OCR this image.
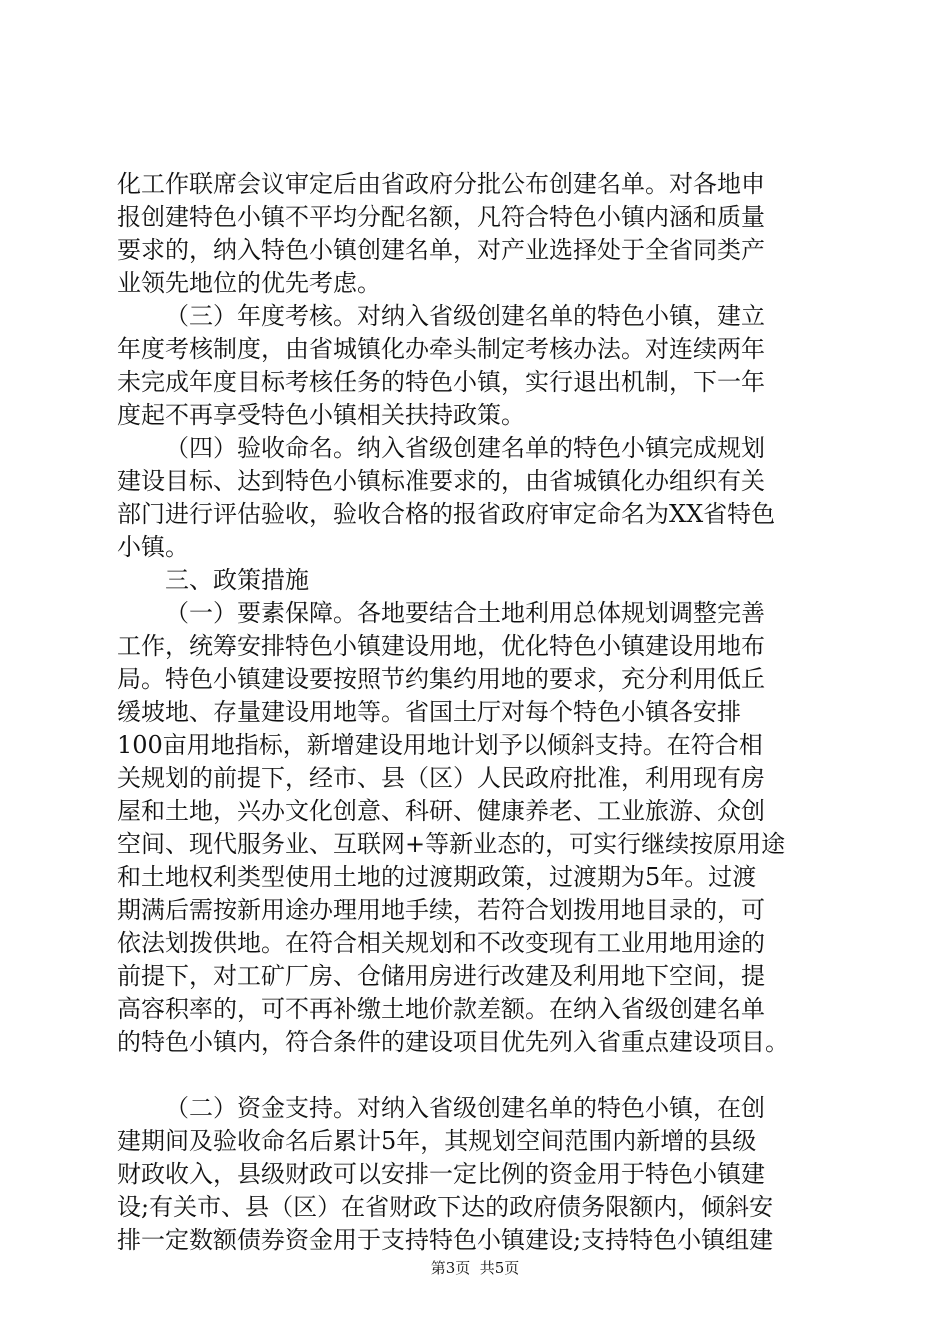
化工作联席会议审定后由省政府分批公布创建名单。对各地申
报创建特色小镇不平均分配名额，凡符合特色小镇内涵和质量
要求的，纳入特色小镇创建名单，对产业选择处于全省同类产
业领先地位的优先考虑。
（三）年度考核。对纳入省级创建名单的特色小镇，建立
年度考核制度，由省城镇化办牵头制定考核办法。对连续两年
未完成年度目标考核任务的特色小镇，实行退出机制，下一年
度起不再享受特色小镇相关扶持政策。
（四）验收命名。纳入省级创建名单的特色小镇完成规划
建设目标、达到特色小镇标准要求的，由省城镇化办组织有关
部门进行评估验收，验收合格的报省政府审定命名为XX省特色
小镇。
三、政策措施
（一）要素保障。各地要结合土地利用总体规划调整完善
工作，统筹安排特色小镇建设用地，优化特色小镇建设用地布
局。特色小镇建设要按照节约集约用地的要求，充分利用低丘
缓坡地、存量建设用地等。省国土厅对每个特色小镇各安排
100亩用地指标，新增建设用地计划予以倾斜支持。在符合相
关规划的前提下，经市、县（区）人民政府批准，利用现有房
屋和土地，兴办文化创意、科研、健康养老、工业旅游、众创
空间、现代服务业、互联网+等新业态的，可实行继续按原用途
和土地权利类型使用土地的过渡期政策，过渡期为5年。过渡
期满后需按新用途办理用地手续，若符合划拨用地目录的，可
依法划拨供地。在符合相关规划和不改变现有工业用地用途的
前提下，对工矿厂房、仓储用房进行改建及利用地下空间，提
高容积率的，可不再补缴土地价款差额。在纳入省级创建名单
的特色小镇内，符合条件的建设项目优先列入省重点建设项目。
（二）资金支持。对纳入省级创建名单的特色小镇，在创
建期间及验收命名后累计5年，其规划空间范围内新增的县级
财政收入，县级财政可以安排一定比例的资金用于特色小镇建
设;有关市、县（区）在省财政下达的政府债务限额内，倾斜安
排一定数额债券资金用于支持特色小镇建设;支持特色小镇组建
第3页  共5页
